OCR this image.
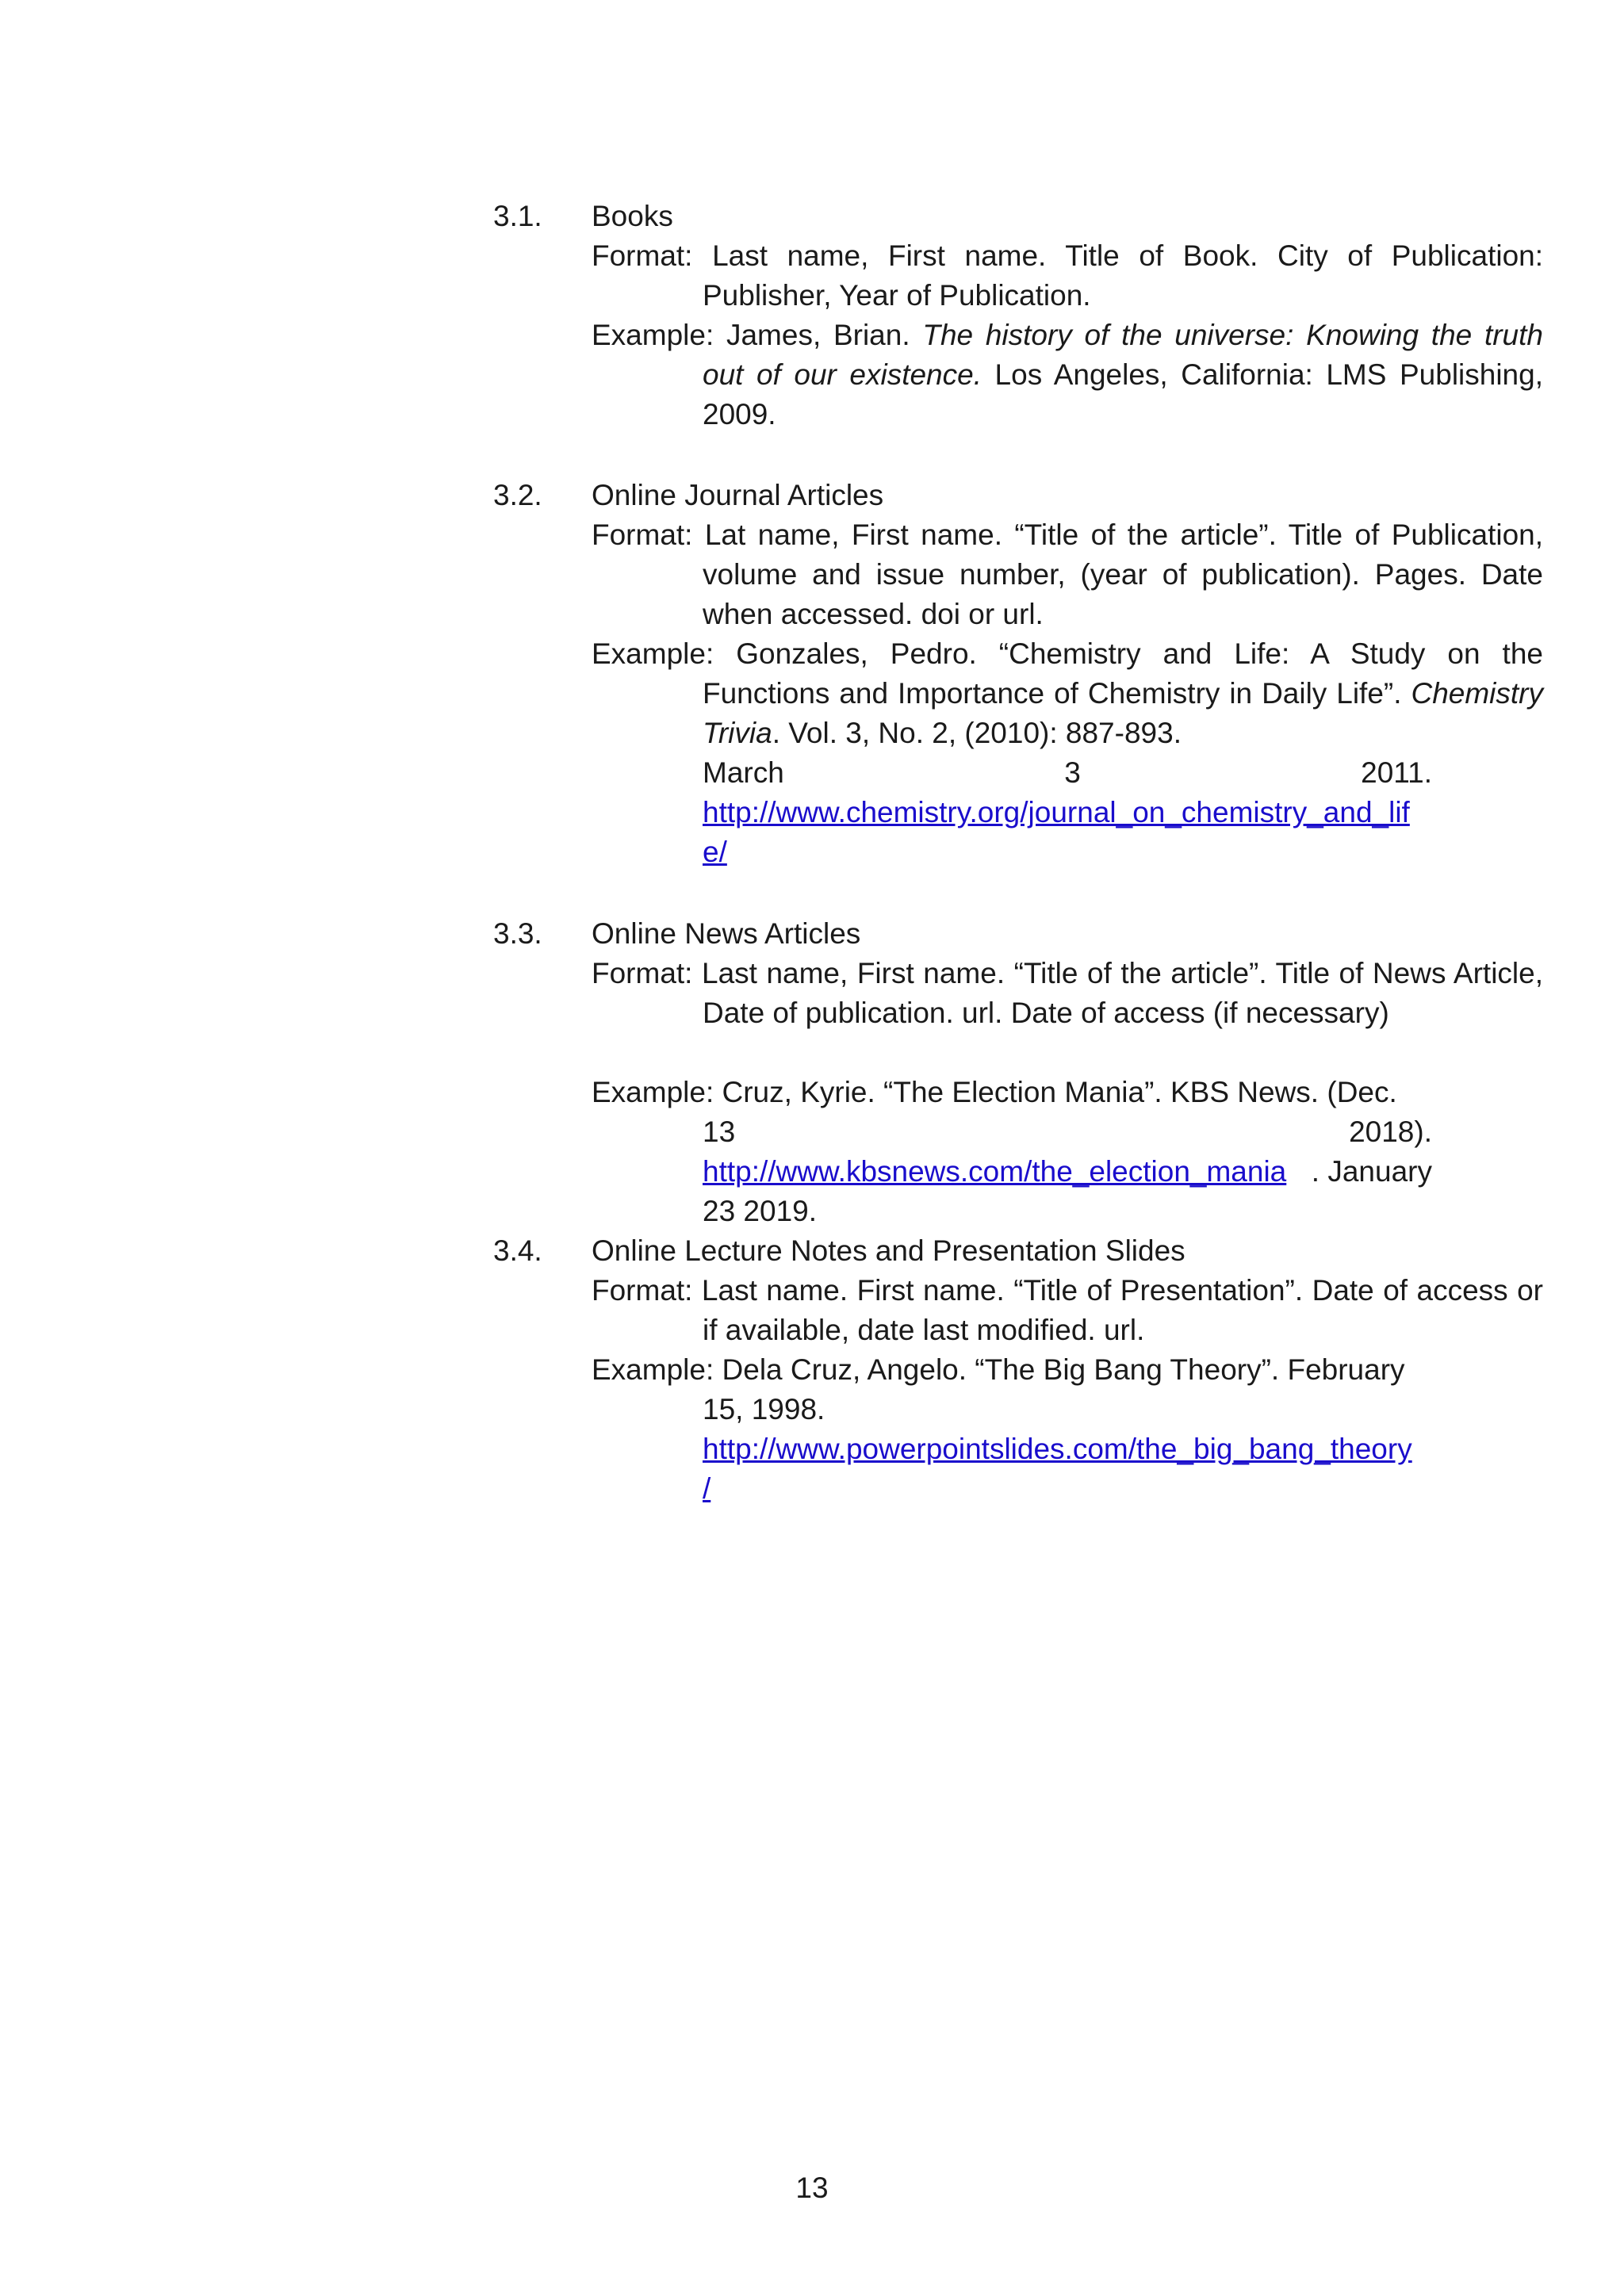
3.1. Books
Format: Last name, First name. Title of Book. City of Publication: Publisher, Year of Publication.
Example: James, Brian. The history of the universe: Knowing the truth out of our existence. Los Angeles, California: LMS Publishing, 2009.
3.2. Online Journal Articles
Format: Lat name, First name. “Title of the article”. Title of Publication, volume and issue number, (year of publication). Pages. Date when accessed. doi or url.
Example: Gonzales, Pedro. “Chemistry and Life: A Study on the Functions and Importance of Chemistry in Daily Life”. Chemistry Trivia. Vol. 3, No. 2, (2010): 887-893.
March	3	2011.
http://www.chemistry.org/journal_on_chemistry_and_lif
e/
3.3. Online News Articles
Format: Last name, First name. “Title of the article”. Title of News Article, Date of publication. url. Date of access (if necessary)
Example: Cruz, Kyrie. “The Election Mania”. KBS News. (Dec.
13	2018).
http://www.kbsnews.com/the_election_mania . January
23 2019.
3.4. Online Lecture Notes and Presentation Slides
Format: Last name. First name. “Title of Presentation”. Date of access or if available, date last modified. url.
Example: Dela Cruz, Angelo. “The Big Bang Theory”. February
15, 1998.
http://www.powerpointslides.com/the_big_bang_theory
/
13
